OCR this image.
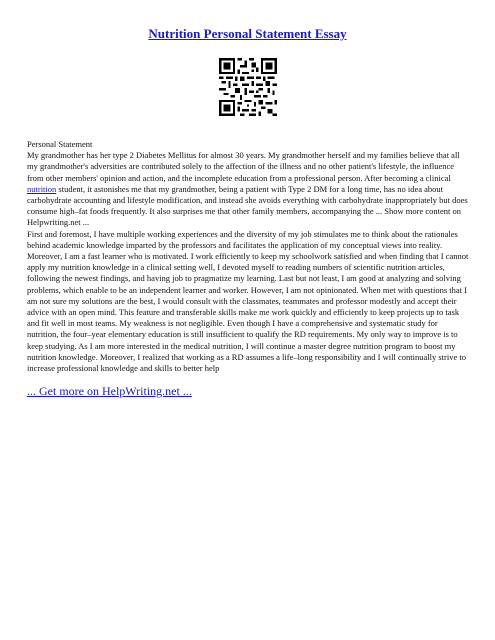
Nutrition Personal Statement Essay
Personal Statement
My grandmother has her type 2 Diabetes Mellitus for almost 30 years. My grandmother herself and my families believe that all my grandmother's adversities are contributed solely to the affection of the illness and no other patient's lifestyle, the influence from other members' opinion and action, and the incomplete education from a professional person. After becoming a clinical nutrition student, it astonishes me that my grandmother, being a patient with Type 2 DM for a long time, has no idea about carbohydrate accounting and lifestyle modification, and instead she avoids everything with carbohydrate inappropriately but does consume high–fat foods frequently. It also surprises me that other family members, accompanying the ... Show more content on Helpwriting.net ...
First and foremost, I have multiple working experiences and the diversity of my job stimulates me to think about the rationales behind academic knowledge imparted by the professors and facilitates the application of my conceptual views into reality. Moreover, I am a fast learner who is motivated. I work efficiently to keep my schoolwork satisfied and when finding that I cannot apply my nutrition knowledge in a clinical setting well, I devoted myself to reading numbers of scientific nutrition articles, following the newest findings, and having job to pragmatize my learning. Last but not least, I am good at analyzing and solving problems, which enable to be an independent learner and worker. However, I am not opinionated. When met with questions that I am not sure my solutions are the best, I would consult with the classmates, teammates and professor modestly and accept their advice with an open mind. This feature and transferable skills make me work quickly and efficiently to keep projects up to task and fit well in most teams. My weakness is not negligible. Even though I have a comprehensive and systematic study for nutrition, the four–year elementary education is still insufficient to qualify the RD requirements. My only way to improve is to keep studying. As I am more interested in the medical nutrition, I will continue a master degree nutrition program to boost my nutrition knowledge. Moreover, I realized that working as a RD assumes a life–long responsibility and I will continually strive to increase professional knowledge and skills to better help
... Get more on HelpWriting.net ...
